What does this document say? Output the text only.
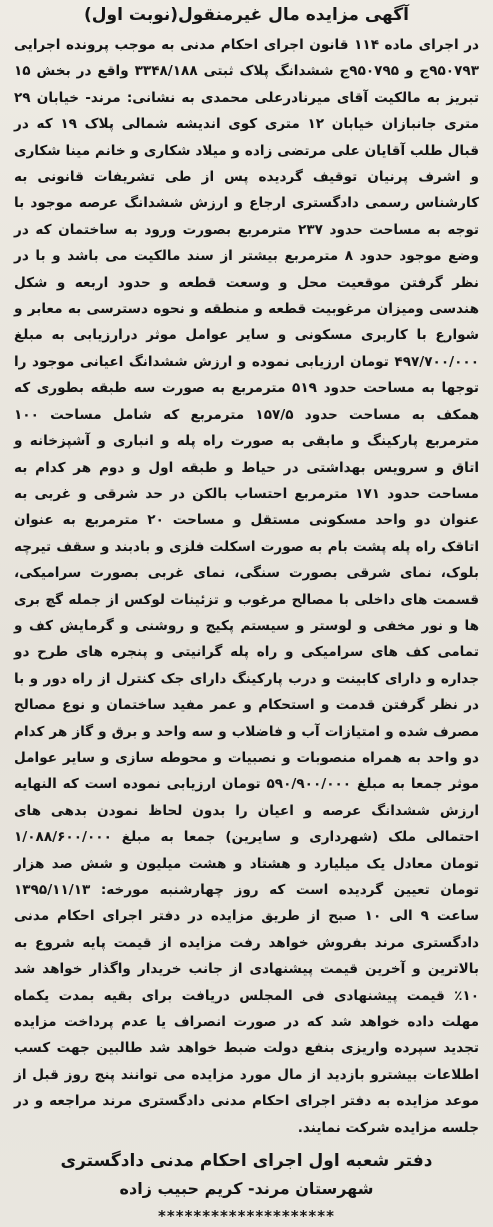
آگهی مزایده مال غیرمنقول(نوبت اول)

در اجرای ماده ۱۱۴ قانون اجرای احکام مدنی به موجب پرونده اجرایی ۹۵۰۷۹۳ج و ۹۵۰۷۹۵ج ششدانگ پلاک ثبتی ۳۳۴۸/۱۸۸ واقع در بخش ۱۵ تبریز به مالکیت آقای میرنادرعلی محمدی به نشانی: مرند- خیابان ۲۹ متری جانبازان خیابان ۱۲ متری کوی اندیشه شمالی پلاک ۱۹ که در قبال طلب آقایان علی مرتضی زاده و میلاد شکاری و خانم مینا شکاری و اشرف پرنیان توقیف گردیده پس از طی تشریفات قانونی به کارشناس رسمی دادگستری ارجاع و ارزش ششدانگ عرصه موجود با توجه به مساحت حدود ۲۳۷ مترمربع بصورت ورود به ساختمان که در وضع موجود حدود ۸ مترمربع بیشتر از سند مالکیت می باشد و با در نظر گرفتن موقعیت محل و وسعت قطعه و حدود اربعه و شکل هندسی ومیزان مرغوبیت قطعه و منطقه و نحوه دسترسی به معابر و شوارع با کاربری مسکونی و سایر عوامل موثر درارزیابی به مبلغ ۴۹۷/۷۰۰/۰۰۰ تومان ارزیابی نموده و ارزش ششدانگ اعیانی موجود را توجها به مساحت حدود ۵۱۹ مترمربع به صورت سه طبقه بطوری که همکف به مساحت حدود ۱۵۷/۵ مترمربع که شامل مساحت ۱۰۰ مترمربع پارکینگ و مابقی به صورت راه پله و انباری و آشپزخانه و اتاق و سرویس بهداشتی در حیاط و طبقه اول و دوم هر کدام به مساحت حدود ۱۷۱ مترمربع احتساب بالکن در حد شرقی و غربی به عنوان دو واحد مسکونی مستقل و مساحت ۲۰ مترمربع به عنوان اتاقک راه پله پشت بام به صورت اسکلت فلزی و بادبند و سقف تیرچه بلوک، نمای شرقی بصورت سنگی، نمای غربی بصورت سرامیکی، قسمت های داخلی با مصالح مرغوب و تزئینات لوکس از جمله گچ بری ها و نور مخفی و لوستر و سیستم پکیج و روشنی و گرمایش کف و تمامی کف های سرامیکی و راه پله گرانیتی و پنجره های طرح دو جداره و دارای کابینت و درب پارکینگ دارای جک کنترل از راه دور و با در نظر گرفتن قدمت و استحکام و عمر مفید ساختمان و نوع مصالح مصرف شده و امتیازات آب و فاضلاب و سه واحد و برق و گاز هر کدام دو واحد به همراه منصوبات و نصبیات و محوطه سازی و سایر عوامل موثر جمعا به مبلغ ۵۹۰/۹۰۰/۰۰۰ تومان ارزیابی نموده است که النهایه ارزش ششدانگ عرصه و اعیان را بدون لحاظ نمودن بدهی های احتمالی ملک (شهرداری و سایرین) جمعا به مبلغ ۱/۰۸۸/۶۰۰/۰۰۰ تومان معادل یک میلیارد و هشتاد و هشت میلیون و شش صد هزار تومان تعیین گردیده است که روز چهارشنبه مورخه: ۱۳۹۵/۱۱/۱۳ ساعت ۹ الی ۱۰ صبح از طریق مزایده در دفتر اجرای احکام مدنی دادگستری مرند بفروش خواهد رفت مزایده از قیمت پایه شروع به بالاترین و آخرین قیمت پیشنهادی از جانب خریدار واگذار خواهد شد ۱۰٪ قیمت پیشنهادی فی المجلس دریافت برای بقیه بمدت یکماه مهلت داده خواهد شد که در صورت انصراف یا عدم پرداخت مزایده تجدید سپرده واریزی بنفع دولت ضبط خواهد شد طالبین جهت کسب اطلاعات بیشترو بازدید از مال مورد مزایده می توانند پنج روز قبل از موعد مزایده به دفتر اجرای احکام مدنی دادگستری مرند مراجعه و در جلسه مزایده شرکت نمایند.

دفتر شعبه اول اجرای احکام مدنی دادگستری
شهرستان مرند- کریم حبیب زاده
********************
